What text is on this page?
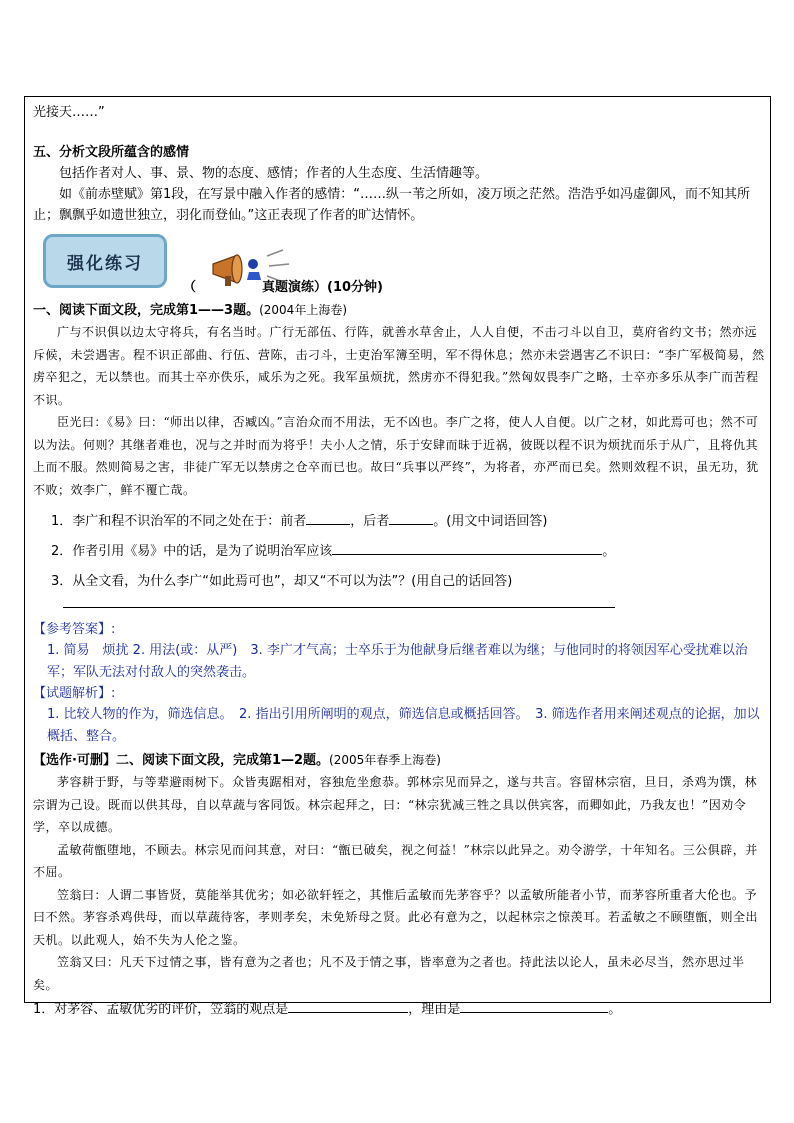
光接天……”
五、分析文段所蕴含的感情
包括作者对人、事、景、物的态度、感情；作者的人生态度、生活情趣等。
如《前赤壁赋》第1段，在写景中融入作者的感情：“……纵一苇之所如，凌万顷之茫然。浩浩乎如冯虚御风，而不知其所止；飘飘乎如遗世独立，羽化而登仙。”这正表现了作者的旷达情怀。
强化练习
（	真题演练）(10分钟)
一、阅读下面文段，完成第1——3题。(2004年上海卷)
广与不识俱以边太守将兵，有名当时。广行无部伍、行阵，就善水草舍止，人人自便，不击刁斗以自卫，莫府省约文书；然亦远斥候，未尝遇害。程不识正部曲、行伍、营陈，击刁斗，士吏治军簿至明，军不得休息；然亦未尝遇害乙不识曰：“李广军极简易，然虏卒犯之，无以禁也。而其士卒亦佚乐，咸乐为之死。我军虽烦扰，然虏亦不得犯我。”然匈奴畏李广之略，士卒亦多乐从李广而苦程不识。
臣光曰：《易》曰：“师出以律，否臧凶。”言治众而不用法，无不凶也。李广之将，使人人自便。以广之材，如此焉可也；然不可以为法。何则？其继者难也，况与之并时而为将乎！夫小人之情，乐于安肆而昧于近祸，彼既以程不识为烦扰而乐于从广，且将仇其上而不服。然则简易之害，非徒广军无以禁虏之仓卒而已也。故曰“兵事以严终”，为将者，亦严而已矣。然则效程不识，虽无功，犹不败；效李广，鲜不覆亡哉。
1．李广和程不识治军的不同之处在于：前者	，后者	。(用文中词语回答)
2．作者引用《易》中的话，是为了说明治军应该	。
3．从全文看，为什么李广“如此焉可也”，却又“不可以为法”？(用自己的话回答)
【参考答案】:
1. 简易　烦扰 2. 用法(或：从严)　3. 李广才气高；士卒乐于为他献身后继者难以为继；与他同时的将领因军心受扰难以治军；军队无法对付敌人的突然袭击。
【试题解析】:
1. 比较人物的作为，筛选信息。　2. 指出引用所阐明的观点，筛选信息或概括回答。　3. 筛选作者用来阐述观点的论据，加以概括、整合。
【选作·可删】二、阅读下面文段，完成第1—2题。(2005年春季上海卷)
茅容耕于野，与等辈避雨树下。众皆夷踞相对，容独危坐愈恭。郭林宗见而异之，遂与共言。容留林宗宿，旦日，杀鸡为馔，林宗谓为己设。既而以供其母，自以草蔬与客同饭。林宗起拜之，曰：“林宗犹减三牲之具以供宾客，而卿如此，乃我友也！”因劝令学，卒以成德。
孟敏荷甑堕地，不顾去。林宗见而问其意，对曰：“甑已破矣，视之何益！”林宗以此异之。劝令游学，十年知名。三公俱辟，并不屈。
笠翁曰：人谓二事皆贤，莫能举其优劣；如必欲轩轾之，其惟后孟敏而先茅容乎？以孟敏所能者小节，而茅容所重者大伦也。予曰不然。茅容杀鸡供母，而以草蔬待客，孝则孝矣，未免矫母之贤。此必有意为之，以起林宗之惊羡耳。若孟敏之不顾堕甑，则全出天机。以此观人，始不失为人伦之鉴。
笠翁又曰：凡天下过情之事，皆有意为之者也；凡不及于情之事，皆率意为之者也。持此法以论人，虽未必尽当，然亦思过半矣。
1．对茅容、孟敏优劣的评价，笠翁的观点是	，理由是	。
